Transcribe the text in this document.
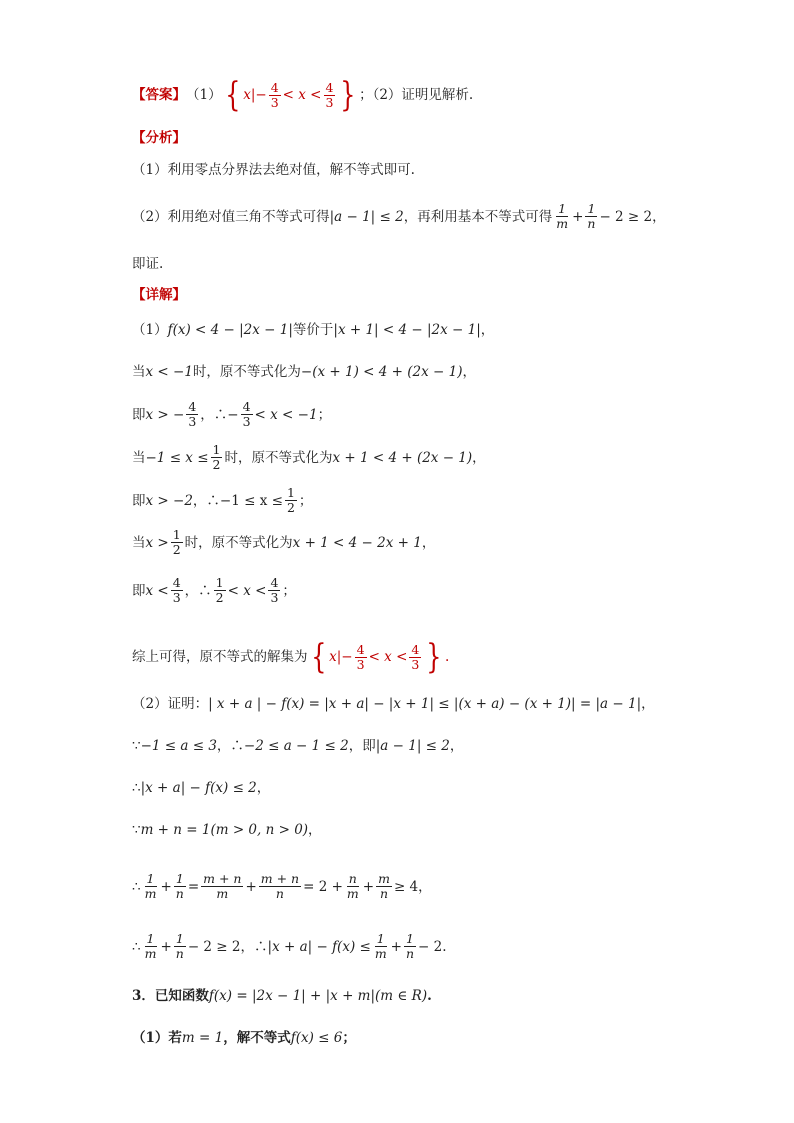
【答案】 （1） { $x|- \frac{4}{3} < x < \frac{4}{3}$ } ；（2）证明见解析.
【分析】
（1）利用零点分界法去绝对值，解不等式即可.
（2）利用绝对值三角不等式可得 |a − 1| ≤ 2 ，再利用基本不等式可得 $\frac{1}{m} + \frac{1}{n} - 2 \ge 2$ ，
即证.
【详解】
（1） f(x) < 4 − |2x − 1| 等价于 |x + 1| < 4 − |2x − 1| ，
当 x < −1 时，原不等式化为 −(x + 1) < 4 + (2x − 1) ，
即 x > − $\frac{4}{3}$ ，∴− $\frac{4}{3} < x < -1$ ；
当 $-1 \le x \le \frac{1}{2}$ 时，原不等式化为 x + 1 < 4 + (2x − 1) ，
即 x > −2 ，∴−1 ≤ $x \le \frac{1}{2}$ ；
当 $x > \frac{1}{2}$ 时，原不等式化为 x + 1 < 4 − 2x + 1 ，
即 $x < \frac{4}{3}$ ，∴ $\frac{1}{2} < x < \frac{4}{3}$ ；
综上可得，原不等式的解集为 { $x|- \frac{4}{3} < x < \frac{4}{3}$ } .
（2）证明： | x + a | − f(x) = |x + a| − |x + 1| ≤ |(x + a) − (x + 1)| = |a − 1| ，
∵ −1 ≤ a ≤ 3 ，∴ −2 ≤ a − 1 ≤ 2 ，即 |a − 1| ≤ 2 ，
∴ |x + a| − f(x) ≤ 2 ，
∵ m + n = 1(m > 0, n > 0) ，
∴ $\frac{1}{m} + \frac{1}{n} = \frac{m + n}{m} + \frac{m + n}{n} = 2 + \frac{n}{m} + \frac{m}{n} \ge 4$ ，
∴ $\frac{1}{m} + \frac{1}{n} - 2 \ge 2$ ，∴ $|x + a| - f(x) \le \frac{1}{m} + \frac{1}{n} - 2$ .
3．已知函数 f(x) = |2x − 1| + |x + m|(m ∈ R) .
（1）若 m = 1 ，解不等式 f(x) ≤ 6 ；
